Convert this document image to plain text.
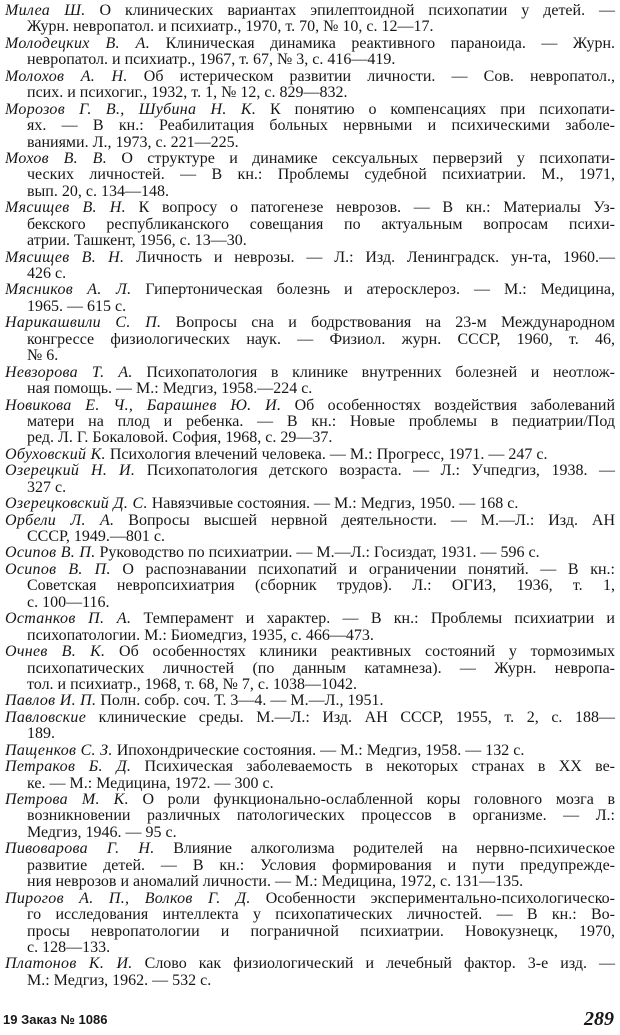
Милеа Ш. О клинических вариантах эпилептоидной психопатии у детей. —
Журн. невропатол. и психиатр., 1970, т. 70, № 10, с. 12—17.
Молодецких В. А. Клиническая динамика реактивного параноида. — Журн.
невропатол. и психиатр., 1967, т. 67, № 3, с. 416—419.
Молохов А. Н. Об истерическом развитии личности. — Сов. невропатол.,
псих. и психогиг., 1932, т. 1, № 12, с. 829—832.
Морозов Г. В., Шубина Н. К. К понятию о компенсациях при психопати-
ях. — В кн.: Реабилитация больных нервными и психическими заболе-
ваниями. Л., 1973, с. 221—225.
Мохов В. В. О структуре и динамике сексуальных перверзий у психопати-
ческих личностей. — В кн.: Проблемы судебной психиатрии. М., 1971,
вып. 20, с. 134—148.
Мясищев В. Н. К вопросу о патогенезе неврозов. — В кн.: Материалы Уз-
бекского республиканского совещания по актуальным вопросам психи-
атрии. Ташкент, 1956, с. 13—30.
Мясищев В. Н. Личность и неврозы. — Л.: Изд. Ленинградск. ун-та, 1960.—
426 с.
Мясников А. Л. Гипертоническая болезнь и атеросклероз. — М.: Медицина,
1965. — 615 с.
Нарикашвили С. П. Вопросы сна и бодрствования на 23-м Международном
конгрессе физиологических наук. — Физиол. журн. СССР, 1960, т. 46,
№ 6.
Невзорова Т. А. Психопатология в клинике внутренних болезней и неотлож-
ная помощь. — М.: Медгиз, 1958.—224 с.
Новикова Е. Ч., Барашнев Ю. И. Об особенностях воздействия заболеваний
матери на плод и ребенка. — В кн.: Новые проблемы в педиатрии/Под
ред. Л. Г. Бокаловой. София, 1968, с. 29—37.
Обуховский К. Психология влечений человека. — М.: Прогресс, 1971. — 247 с.
Озерецкий Н. И. Психопатология детского возраста. — Л.: Учпедгиз, 1938. —
327 с.
Озерецковский Д. С. Навязчивые состояния. — М.: Медгиз, 1950. — 168 с.
Орбели Л. А. Вопросы высшей нервной деятельности. — М.—Л.: Изд. АН
СССР, 1949.—801 с.
Осипов В. П. Руководство по психиатрии. — М.—Л.: Госиздат, 1931. — 596 с.
Осипов В. П. О распознавании психопатий и ограничении понятий. — В кн.:
Советская невропсихиатрия (сборник трудов). Л.: ОГИЗ, 1936, т. 1,
с. 100—116.
Останков П. А. Темперамент и характер. — В кн.: Проблемы психиатрии и
психопатологии. М.: Биомедгиз, 1935, с. 466—473.
Очнев В. К. Об особенностях клиники реактивных состояний у тормозимых
психопатических личностей (по данным катамнеза). — Журн. невропа-
тол. и психиатр., 1968, т. 68, № 7, с. 1038—1042.
Павлов И. П. Полн. собр. соч. Т. 3—4. — М.—Л., 1951.
Павловские клинические среды. М.—Л.: Изд. АН СССР, 1955, т. 2, с. 188—
189.
Пащенков С. З. Ипохондрические состояния. — М.: Медгиз, 1958. — 132 с.
Петраков Б. Д. Психическая заболеваемость в некоторых странах в XX ве-
ке. — М.: Медицина, 1972. — 300 с.
Петрова М. К. О роли функционально-ослабленной коры головного мозга в
возникновении различных патологических процессов в организме. — Л.:
Медгиз, 1946. — 95 с.
Пивоварова Г. Н. Влияние алкоголизма родителей на нервно-психическое
развитие детей. — В кн.: Условия формирования и пути предупрежде-
ния неврозов и аномалий личности. — М.: Медицина, 1972, с. 131—135.
Пирогов А. П., Волков Г. Д. Особенности экспериментально-психологическо-
го исследования интеллекта у психопатических личностей. — В кн.: Во-
просы невропатологии и пограничной психиатрии. Новокузнецк, 1970,
с. 128—133.
Платонов К. И. Слово как физиологический и лечебный фактор. 3-е изд. —
М.: Медгиз, 1962. — 532 с.
19 Заказ № 1086	289
